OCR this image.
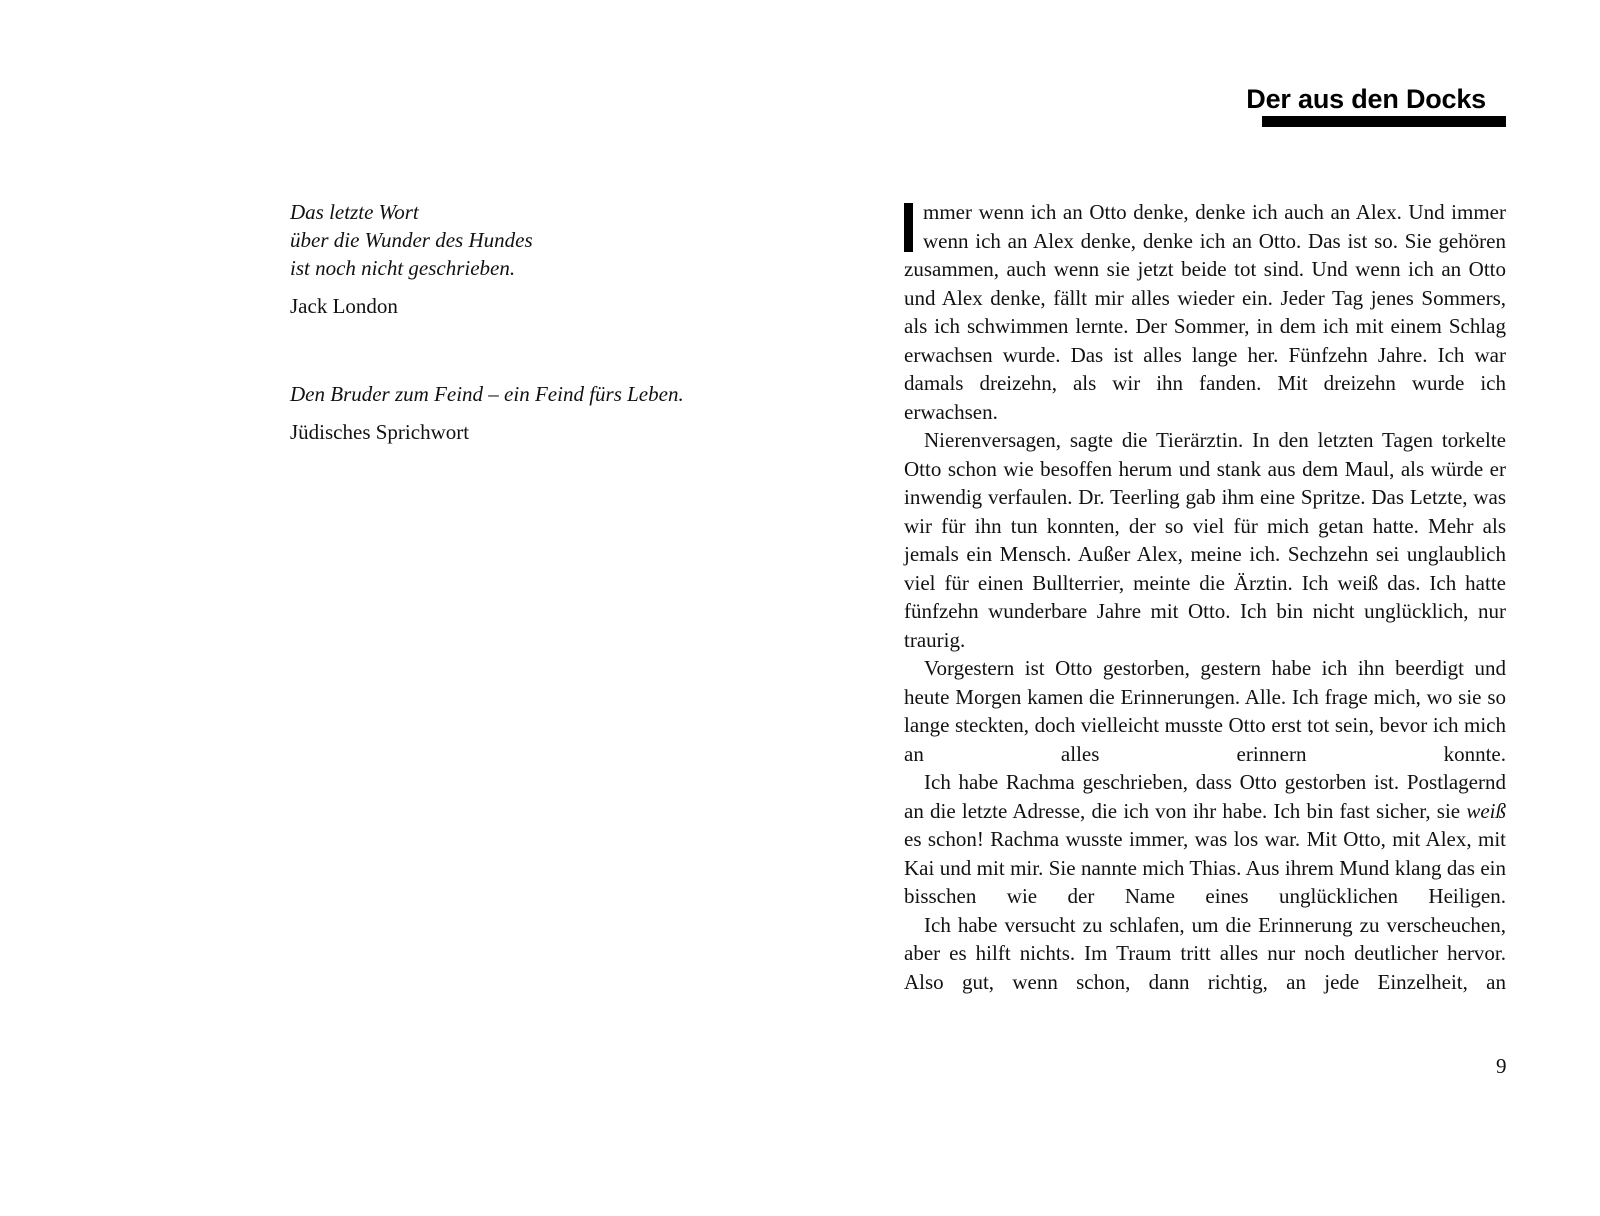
Das letzte Wort
über die Wunder des Hundes
ist noch nicht geschrieben.
Jack London
Den Bruder zum Feind – ein Feind fürs Leben.
Jüdisches Sprichwort
Der aus den Docks

mmer wenn ich an Otto denke, denke ich auch an Alex. Und immer wenn ich an Alex denke, denke ich an Otto. Das ist so. Sie gehören zusammen, auch wenn sie jetzt beide tot sind. Und wenn ich an Otto und Alex denke, fällt mir alles wieder ein. Jeder Tag jenes Sommers, als ich schwimmen lernte. Der Sommer, in dem ich mit einem Schlag erwachsen wurde. Das ist alles lange her. Fünfzehn Jahre. Ich war damals dreizehn, als wir ihn fanden. Mit dreizehn wurde ich erwachsen.

Nierenversagen, sagte die Tierärztin. In den letzten Tagen torkelte Otto schon wie besoffen herum und stank aus dem Maul, als würde er inwendig verfaulen. Dr. Teerling gab ihm eine Spritze. Das Letzte, was wir für ihn tun konnten, der so viel für mich getan hatte. Mehr als jemals ein Mensch. Außer Alex, meine ich. Sechzehn sei unglaublich viel für einen Bullterrier, meinte die Ärztin. Ich weiß das. Ich hatte fünfzehn wunderbare Jahre mit Otto. Ich bin nicht unglücklich, nur traurig.

Vorgestern ist Otto gestorben, gestern habe ich ihn beerdigt und heute Morgen kamen die Erinnerungen. Alle. Ich frage mich, wo sie so lange steckten, doch vielleicht musste Otto erst tot sein, bevor ich mich an alles erinnern konnte.

Ich habe Rachma geschrieben, dass Otto gestorben ist. Postlagernd an die letzte Adresse, die ich von ihr habe. Ich bin fast sicher, sie weiß es schon! Rachma wusste immer, was los war. Mit Otto, mit Alex, mit Kai und mit mir. Sie nannte mich Thias. Aus ihrem Mund klang das ein bisschen wie der Name eines unglücklichen Heiligen.

Ich habe versucht zu schlafen, um die Erinnerung zu verscheuchen, aber es hilft nichts. Im Traum tritt alles nur noch deutlicher hervor. Also gut, wenn schon, dann richtig, an jede Einzelheit, an

9
